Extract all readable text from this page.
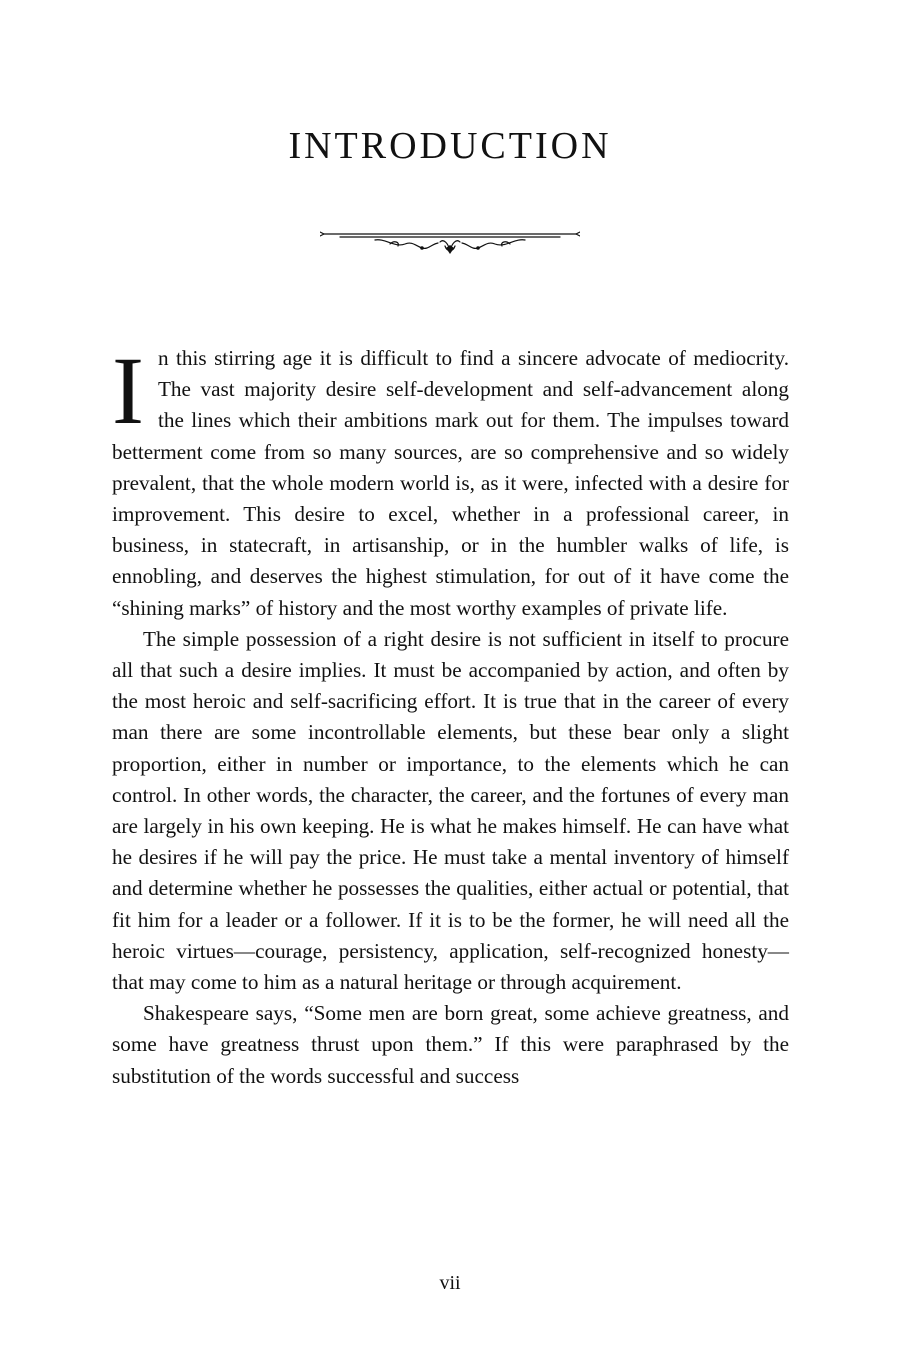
INTRODUCTION

In this stirring age it is difficult to find a sincere advocate of mediocrity. The vast majority desire self-development and self-advancement along the lines which their ambitions mark out for them. The impulses toward betterment come from so many sources, are so comprehensive and so widely prevalent, that the whole modern world is, as it were, infected with a desire for improvement. This desire to excel, whether in a professional career, in business, in statecraft, in artisanship, or in the humbler walks of life, is ennobling, and deserves the highest stimulation, for out of it have come the “shining marks” of history and the most worthy examples of private life.

The simple possession of a right desire is not sufficient in itself to procure all that such a desire implies. It must be accompanied by action, and often by the most heroic and self-sacrificing effort. It is true that in the career of every man there are some incontrollable elements, but these bear only a slight proportion, either in number or importance, to the elements which he can control. In other words, the character, the career, and the fortunes of every man are largely in his own keeping. He is what he makes himself. He can have what he desires if he will pay the price. He must take a mental inventory of himself and determine whether he possesses the qualities, either actual or potential, that fit him for a leader or a follower. If it is to be the former, he will need all the heroic virtues—courage, persistency, application, self-recognized honesty—that may come to him as a natural heritage or through acquirement.

Shakespeare says, “Some men are born great, some achieve greatness, and some have greatness thrust upon them.” If this were paraphrased by the substitution of the words successful and success

vii
